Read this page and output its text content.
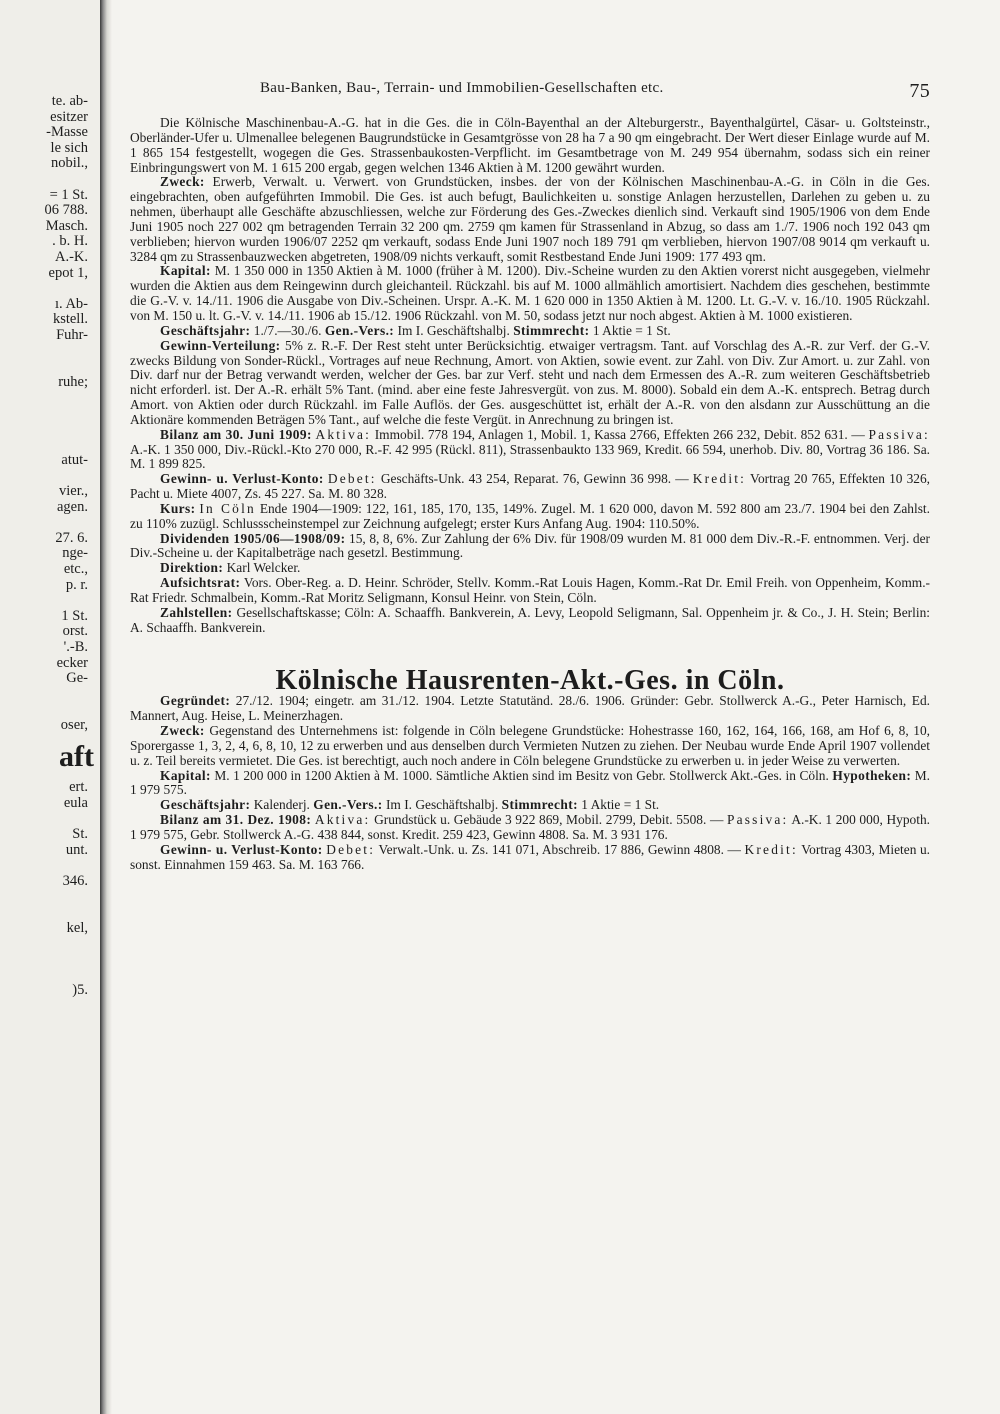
te. ab-
esitzer
-Masse
le sich
nobil.,
= 1 St.
06 788.
Masch.
. b. H.
A.-K.
epot 1,
ı. Ab-
kstell.
Fuhr-
ruhe;
atut-
vier.,
agen.
27. 6.
nge-
etc.,
p. r.
1 St.
orst.
'.-B.
ecker
Ge-
oser,
aft
ert.
eula
St.
unt.
346.
kel,
)5.
Bau-Banken, Bau-, Terrain- und Immobilien-Gesellschaften etc.	75

Die Kölnische Maschinenbau-A.-G. hat in die Ges. die in Cöln-Bayenthal an der Alteburgerstr., Bayenthalgürtel, Cäsar- u. Goltsteinstr., Oberländer-Ufer u. Ulmenallee belegenen Baugrundstücke in Gesamtgrösse von 28 ha 7 a 90 qm eingebracht. Der Wert dieser Einlage wurde auf M. 1 865 154 festgestellt, wogegen die Ges. Strassenbaukosten-Verpflicht. im Gesamtbetrage von M. 249 954 übernahm, sodass sich ein reiner Einbringungswert von M. 1 615 200 ergab, gegen welchen 1346 Aktien à M. 1200 gewährt wurden.

Zweck: Erwerb, Verwalt. u. Verwert. von Grundstücken, insbes. der von der Kölnischen Maschinenbau-A.-G. in Cöln in die Ges. eingebrachten, oben aufgeführten Immobil. Die Ges. ist auch befugt, Baulichkeiten u. sonstige Anlagen herzustellen, Darlehen zu geben u. zu nehmen, überhaupt alle Geschäfte abzuschliessen, welche zur Förderung des Ges.-Zweckes dienlich sind. Verkauft sind 1905/1906 von dem Ende Juni 1905 noch 227 002 qm betragenden Terrain 32 200 qm. 2759 qm kamen für Strassenland in Abzug, so dass am 1./7. 1906 noch 192 043 qm verblieben; hiervon wurden 1906/07 2252 qm verkauft, sodass Ende Juni 1907 noch 189 791 qm verblieben, hiervon 1907/08 9014 qm verkauft u. 3284 qm zu Strassenbauzwecken abgetreten, 1908/09 nichts verkauft, somit Restbestand Ende Juni 1909: 177 493 qm.

Kapital: M. 1 350 000 in 1350 Aktien à M. 1000 (früher à M. 1200). Div.-Scheine wurden zu den Aktien vorerst nicht ausgegeben, vielmehr wurden die Aktien aus dem Reingewinn durch gleichanteil. Rückzahl. bis auf M. 1000 allmählich amortisiert. Nachdem dies geschehen, bestimmte die G.-V. v. 14./11. 1906 die Ausgabe von Div.-Scheinen. Urspr. A.-K. M. 1 620 000 in 1350 Aktien à M. 1200. Lt. G.-V. v. 16./10. 1905 Rückzahl. von M. 150 u. lt. G.-V. v. 14./11. 1906 ab 15./12. 1906 Rückzahl. von M. 50, sodass jetzt nur noch abgest. Aktien à M. 1000 existieren.

Geschäftsjahr: 1./7.—30./6. Gen.-Vers.: Im I. Geschäftshalbj. Stimmrecht: 1 Aktie = 1 St.

Gewinn-Verteilung: 5% z. R.-F. Der Rest steht unter Berücksichtig. etwaiger vertragsm. Tant. auf Vorschlag des A.-R. zur Verf. der G.-V. zwecks Bildung von Sonder-Rückl., Vortrages auf neue Rechnung, Amort. von Aktien, sowie event. zur Zahl. von Div. Zur Amort. u. zur Zahl. von Div. darf nur der Betrag verwandt werden, welcher der Ges. bar zur Verf. steht und nach dem Ermessen des A.-R. zum weiteren Geschäftsbetrieb nicht erforderl. ist. Der A.-R. erhält 5% Tant. (mind. aber eine feste Jahresvergüt. von zus. M. 8000). Sobald ein dem A.-K. entsprech. Betrag durch Amort. von Aktien oder durch Rückzahl. im Falle Auflös. der Ges. ausgeschüttet ist, erhält der A.-R. von den alsdann zur Ausschüttung an die Aktionäre kommenden Beträgen 5% Tant., auf welche die feste Vergüt. in Anrechnung zu bringen ist.

Bilanz am 30. Juni 1909: Aktiva: Immobil. 778 194, Anlagen 1, Mobil. 1, Kassa 2766, Effekten 266 232, Debit. 852 631. — Passiva: A.-K. 1 350 000, Div.-Rückl.-Kto 270 000, R.-F. 42 995 (Rückl. 811), Strassenbaukto 133 969, Kredit. 66 594, unerhob. Div. 80, Vortrag 36 186. Sa. M. 1 899 825.

Gewinn- u. Verlust-Konto: Debet: Geschäfts-Unk. 43 254, Reparat. 76, Gewinn 36 998. — Kredit: Vortrag 20 765, Effekten 10 326, Pacht u. Miete 4007, Zs. 45 227. Sa. M. 80 328.

Kurs: In Cöln Ende 1904—1909: 122, 161, 185, 170, 135, 149%. Zugel. M. 1 620 000, davon M. 592 800 am 23./7. 1904 bei den Zahlst. zu 110% zuzügl. Schlussscheinstempel zur Zeichnung aufgelegt; erster Kurs Anfang Aug. 1904: 110.50%.

Dividenden 1905/06—1908/09: 15, 8, 8, 6%. Zur Zahlung der 6% Div. für 1908/09 wurden M. 81 000 dem Div.-R.-F. entnommen. Verj. der Div.-Scheine u. der Kapitalbeträge nach gesetzl. Bestimmung.

Direktion: Karl Welcker.

Aufsichtsrat: Vors. Ober-Reg. a. D. Heinr. Schröder, Stellv. Komm.-Rat Louis Hagen, Komm.-Rat Dr. Emil Freih. von Oppenheim, Komm.-Rat Friedr. Schmalbein, Komm.-Rat Moritz Seligmann, Konsul Heinr. von Stein, Cöln.

Zahlstellen: Gesellschaftskasse; Cöln: A. Schaaffh. Bankverein, A. Levy, Leopold Seligmann, Sal. Oppenheim jr. & Co., J. H. Stein; Berlin: A. Schaaffh. Bankverein.

Kölnische Hausrenten-Akt.-Ges. in Cöln.

Gegründet: 27./12. 1904; eingetr. am 31./12. 1904. Letzte Statutänd. 28./6. 1906. Gründer: Gebr. Stollwerck A.-G., Peter Harnisch, Ed. Mannert, Aug. Heise, L. Meinerzhagen.

Zweck: Gegenstand des Unternehmens ist: folgende in Cöln belegene Grundstücke: Hohestrasse 160, 162, 164, 166, 168, am Hof 6, 8, 10, Sporergasse 1, 3, 2, 4, 6, 8, 10, 12 zu erwerben und aus denselben durch Vermieten Nutzen zu ziehen. Der Neubau wurde Ende April 1907 vollendet u. z. Teil bereits vermietet. Die Ges. ist berechtigt, auch noch andere in Cöln belegene Grundstücke zu erwerben u. in jeder Weise zu verwerten.

Kapital: M. 1 200 000 in 1200 Aktien à M. 1000. Sämtliche Aktien sind im Besitz von Gebr. Stollwerck Akt.-Ges. in Cöln. Hypotheken: M. 1 979 575.

Geschäftsjahr: Kalenderj. Gen.-Vers.: Im I. Geschäftshalbj. Stimmrecht: 1 Aktie = 1 St.

Bilanz am 31. Dez. 1908: Aktiva: Grundstück u. Gebäude 3 922 869, Mobil. 2799, Debit. 5508. — Passiva: A.-K. 1 200 000, Hypoth. 1 979 575, Gebr. Stollwerck A.-G. 438 844, sonst. Kredit. 259 423, Gewinn 4808. Sa. M. 3 931 176.

Gewinn- u. Verlust-Konto: Debet: Verwalt.-Unk. u. Zs. 141 071, Abschreib. 17 886, Gewinn 4808. — Kredit: Vortrag 4303, Mieten u. sonst. Einnahmen 159 463. Sa. M. 163 766.
